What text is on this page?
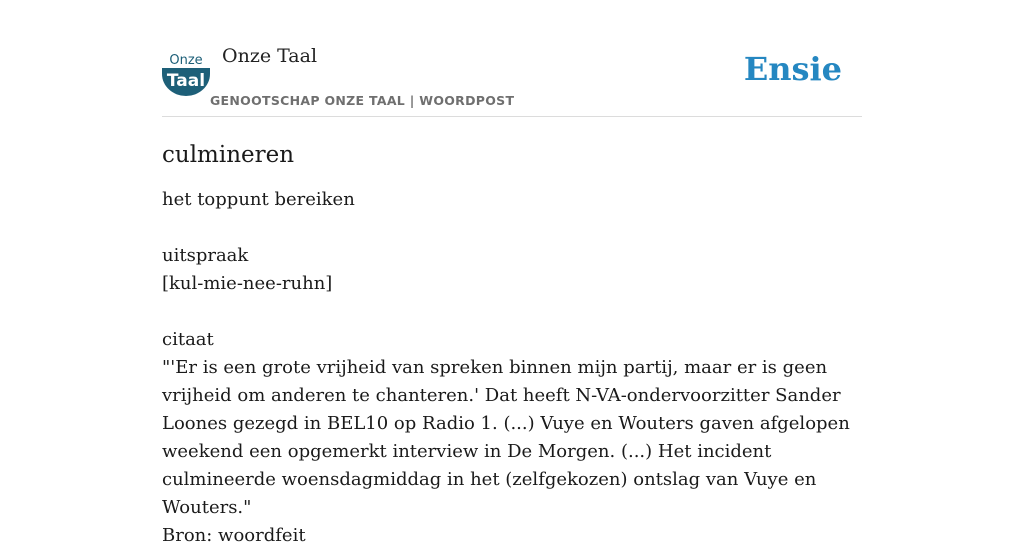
Onze
Taal
Onze Taal
GENOOTSCHAP ONZE TAAL | WOORDPOST
Ensie
culmineren
het toppunt bereiken
uitspraak
[kul-mie-nee-ruhn]
citaat
"'Er is een grote vrijheid van spreken binnen mijn partij, maar er is geen vrijheid om anderen te chanteren.' Dat heeft N-VA-ondervoorzitter Sander Loones gezegd in BEL10 op Radio 1. (...) Vuye en Wouters gaven afgelopen weekend een opgemerkt interview in De Morgen. (...) Het incident culmineerde woensdagmiddag in het (zelfgekozen) ontslag van Vuye en Wouters."
Bron: woordfeit
